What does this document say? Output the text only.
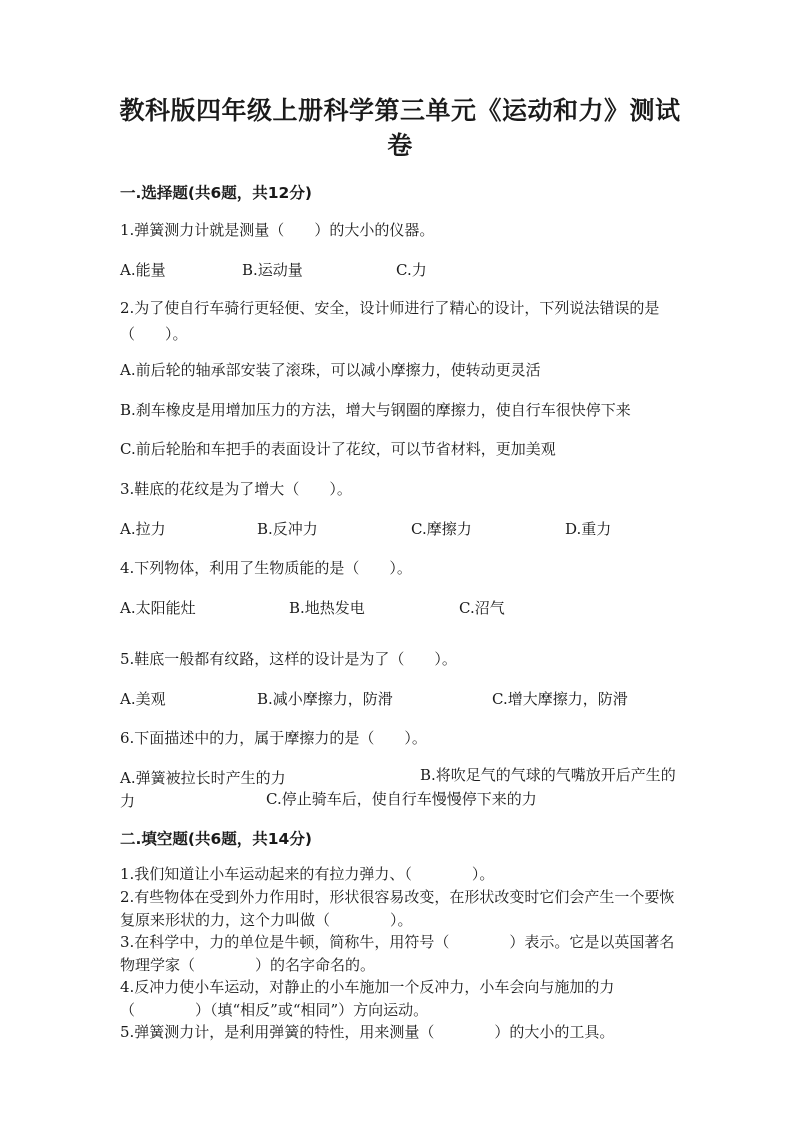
教科版四年级上册科学第三单元《运动和力》测试卷
一.选择题(共6题，共12分)
1.弹簧测力计就是测量（　　）的大小的仪器。
A.能量	B.运动量	C.力
2.为了使自行车骑行更轻便、安全，设计师进行了精心的设计，下列说法错误的是（　　）。
A.前后轮的轴承部安装了滚珠，可以减小摩擦力，使转动更灵活
B.刹车橡皮是用增加压力的方法，增大与钢圈的摩擦力，使自行车很快停下来
C.前后轮胎和车把手的表面设计了花纹，可以节省材料，更加美观
3.鞋底的花纹是为了增大（　　）。
A.拉力	B.反冲力	C.摩擦力	D.重力
4.下列物体，利用了生物质能的是（　　）。
A.太阳能灶	B.地热发电	C.沼气
5.鞋底一般都有纹路，这样的设计是为了（　　）。
A.美观	B.减小摩擦力，防滑	C.增大摩擦力，防滑
6.下面描述中的力，属于摩擦力的是（　　）。
A.弹簧被拉长时产生的力	B.将吹足气的气球的气嘴放开后产生的力	C.停止骑车后，使自行车慢慢停下来的力
二.填空题(共6题，共14分)
1.我们知道让小车运动起来的有拉力弹力、（　　　　）。
2.有些物体在受到外力作用时，形状很容易改变，在形状改变时它们会产生一个要恢复原来形状的力，这个力叫做（　　　　）。
3.在科学中，力的单位是牛顿，简称牛，用符号（　　　　）表示。它是以英国著名物理学家（　　　　）的名字命名的。
4.反冲力使小车运动，对静止的小车施加一个反冲力，小车会向与施加的力（　　　　）（填“相反”或“相同”）方向运动。
5.弹簧测力计，是利用弹簧的特性，用来测量（　　　　）的大小的工具。
